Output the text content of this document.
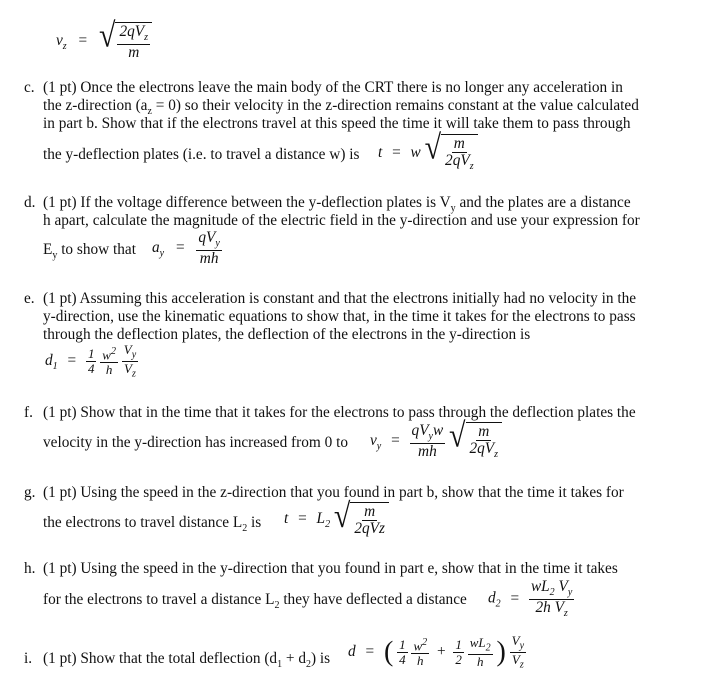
$v_z$ = √ $\frac{2qV_z}{m}$
c. (1 pt) Once the electrons leave the main body of the CRT there is no longer any acceleration in
the z-direction $(a_z = 0)$ so their velocity in the z-direction remains constant at the value calculated
in part b. Show that if the electrons travel at this speed the time it will take them to pass through
the y-deflection plates (i.e. to travel a distance w) is t = w √ $\frac{m}{2qV_z}$
d. (1 pt) If the voltage difference between the y-deflection plates is $V_y$ and the plates are a distance
h apart, calculate the magnitude of the electric field in the y-direction and use your expression for
$E_y$ to show that $a_y = \frac{qV_y}{mh}$
e. (1 pt) Assuming this acceleration is constant and that the electrons initially had no velocity in the
y-direction, use the kinematic equations to show that, in the time it takes for the electrons to pass
through the deflection plates, the deflection of the electrons in the y-direction is
$d_1 = \frac{1}{4}$
$\frac{w^2}{h}$
$\frac{V_y}{V_z}$
f. (1 pt) Show that in the time that it takes for the electrons to pass through the deflection plates the
velocity in the y-direction has increased from 0 to $v_y = \frac{qV_yw}{mh}$
√ $\frac{m}{2qV_z}$
g. (1 pt) Using the speed in the z-direction that you found in part b, show that the time it takes for
the electrons to travel distance $L_2$ is $t = L_2$ √ $\frac{m}{\text{2qVz}}$
h. (1 pt) Using the speed in the y-direction that you found in part e, show that in the time it takes
for the electrons to travel a distance $L_2$ they have deflected a distance $d_2 = \frac{wL_2 V_y}{2h V_z}$
i. (1 pt) Show that the total deflection $(d_1 + d_2)$ is d = ( $\frac{1}{4}$
$\frac{w^2}{h} + \frac{1}{2}$
$\frac{wL_2}{h}$ ) $\frac{V_y}{V_z}$
